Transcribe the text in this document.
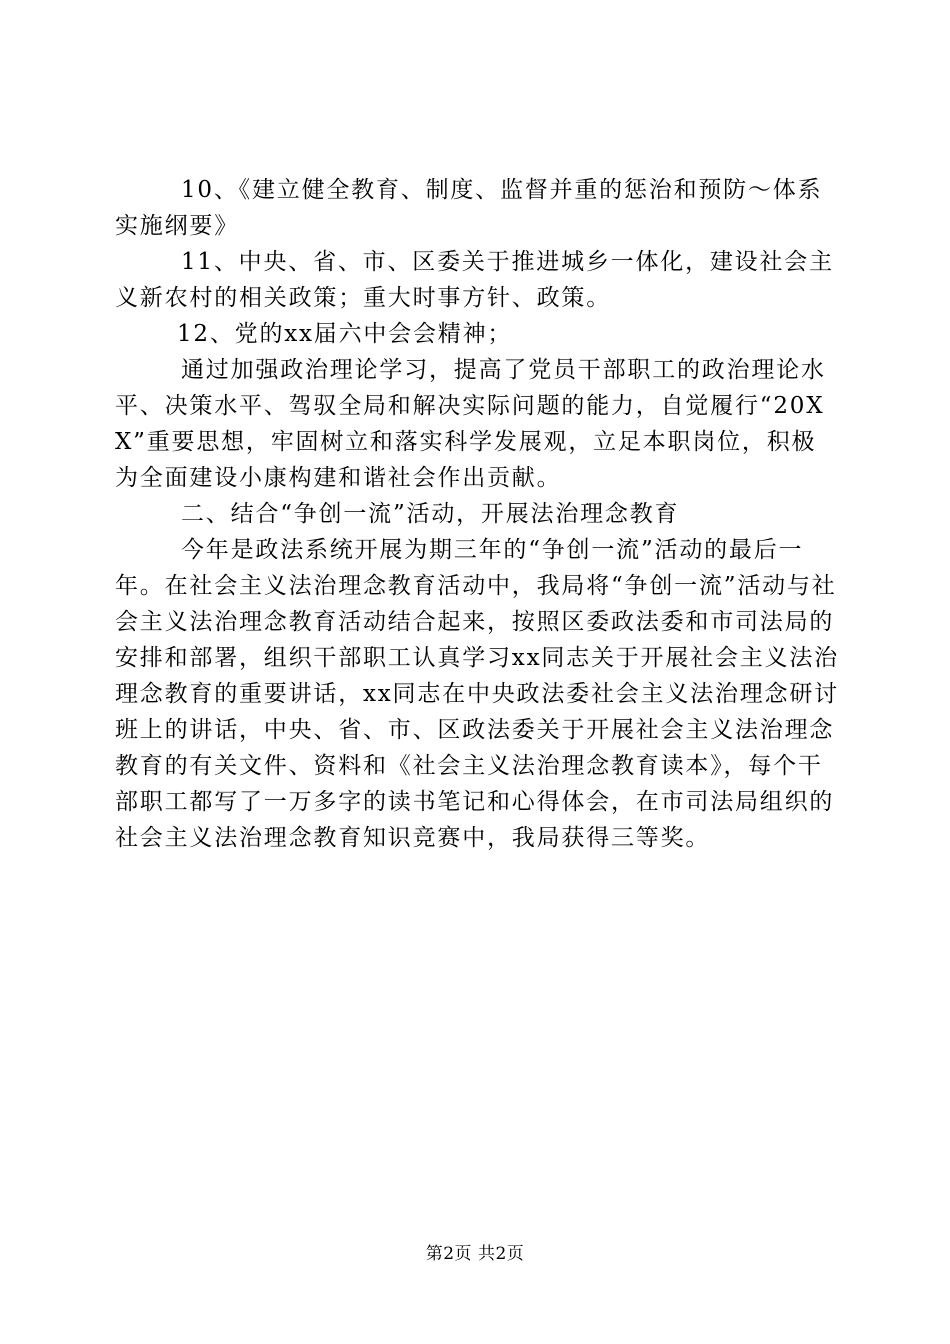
10、《建立健全教育、制度、监督并重的惩治和预防～体系实施纲要》

11、中央、省、市、区委关于推进城乡一体化，建设社会主义新农村的相关政策；重大时事方针、政策。

12、党的xx届六中会会精神；

通过加强政治理论学习，提高了党员干部职工的政治理论水平、决策水平、驾驭全局和解决实际问题的能力，自觉履行“20XX”重要思想，牢固树立和落实科学发展观，立足本职岗位，积极为全面建设小康构建和谐社会作出贡献。

二、结合“争创一流”活动，开展法治理念教育

今年是政法系统开展为期三年的“争创一流”活动的最后一年。在社会主义法治理念教育活动中，我局将“争创一流”活动与社会主义法治理念教育活动结合起来，按照区委政法委和市司法局的安排和部署，组织干部职工认真学习xx同志关于开展社会主义法治理念教育的重要讲话，xx同志在中央政法委社会主义法治理念研讨班上的讲话，中央、省、市、区政法委关于开展社会主义法治理念教育的有关文件、资料和《社会主义法治理念教育读本》，每个干部职工都写了一万多字的读书笔记和心得体会，在市司法局组织的社会主义法治理念教育知识竞赛中，我局获得三等奖。

第2页 共2页
